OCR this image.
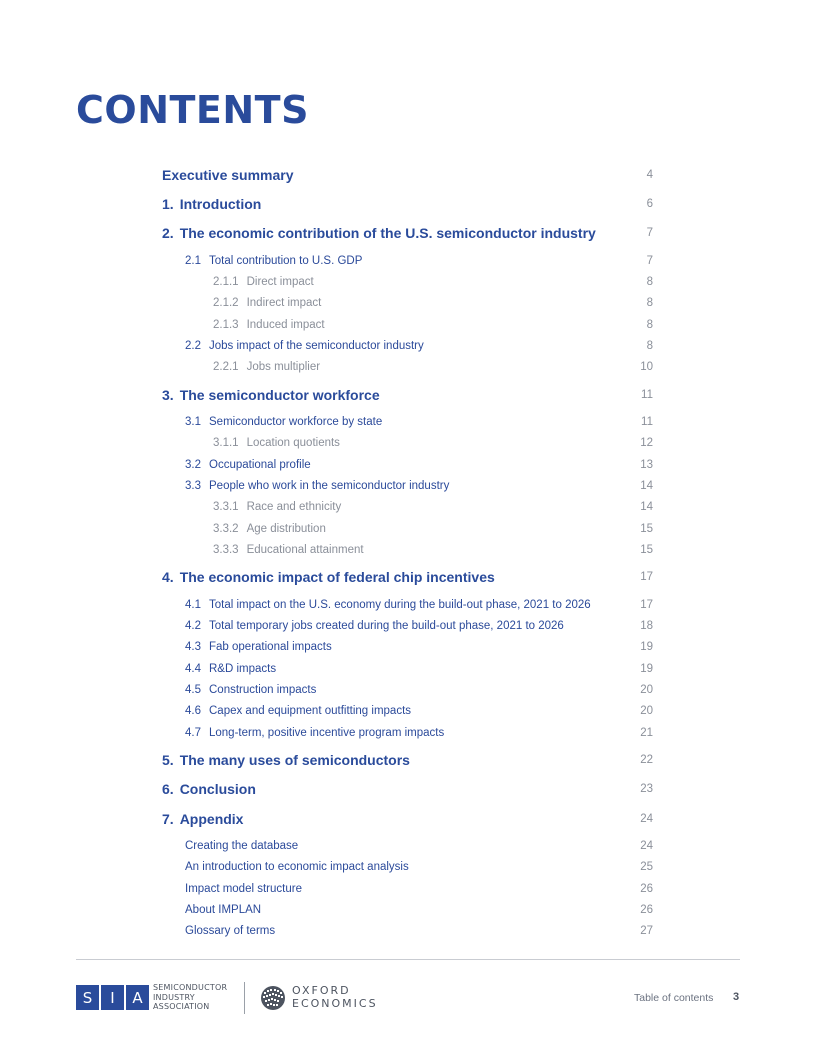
CONTENTS
Executive summary	4
1. Introduction	6
2. The economic contribution of the U.S. semiconductor industry	7
2.1 Total contribution to U.S. GDP	7
2.1.1 Direct impact	8
2.1.2 Indirect impact	8
2.1.3 Induced impact	8
2.2 Jobs impact of the semiconductor industry	8
2.2.1 Jobs multiplier	10
3. The semiconductor workforce	11
3.1 Semiconductor workforce by state	11
3.1.1 Location quotients	12
3.2 Occupational profile	13
3.3 People who work in the semiconductor industry	14
3.3.1 Race and ethnicity	14
3.3.2 Age distribution	15
3.3.3 Educational attainment	15
4. The economic impact of federal chip incentives	17
4.1 Total impact on the U.S. economy during the build-out phase, 2021 to 2026	17
4.2 Total temporary jobs created during the build-out phase, 2021 to 2026	18
4.3 Fab operational impacts	19
4.4 R&D impacts	19
4.5 Construction impacts	20
4.6 Capex and equipment outfitting impacts	20
4.7 Long-term, positive incentive program impacts	21
5. The many uses of semiconductors	22
6. Conclusion	23
7. Appendix	24
Creating the database	24
An introduction to economic impact analysis	25
Impact model structure	26
About IMPLAN	26
Glossary of terms	27
S	I	A
SEMICONDUCTOR
INDUSTRY
ASSOCIATION
OXFORD
ECONOMICS	Table of contents 3
